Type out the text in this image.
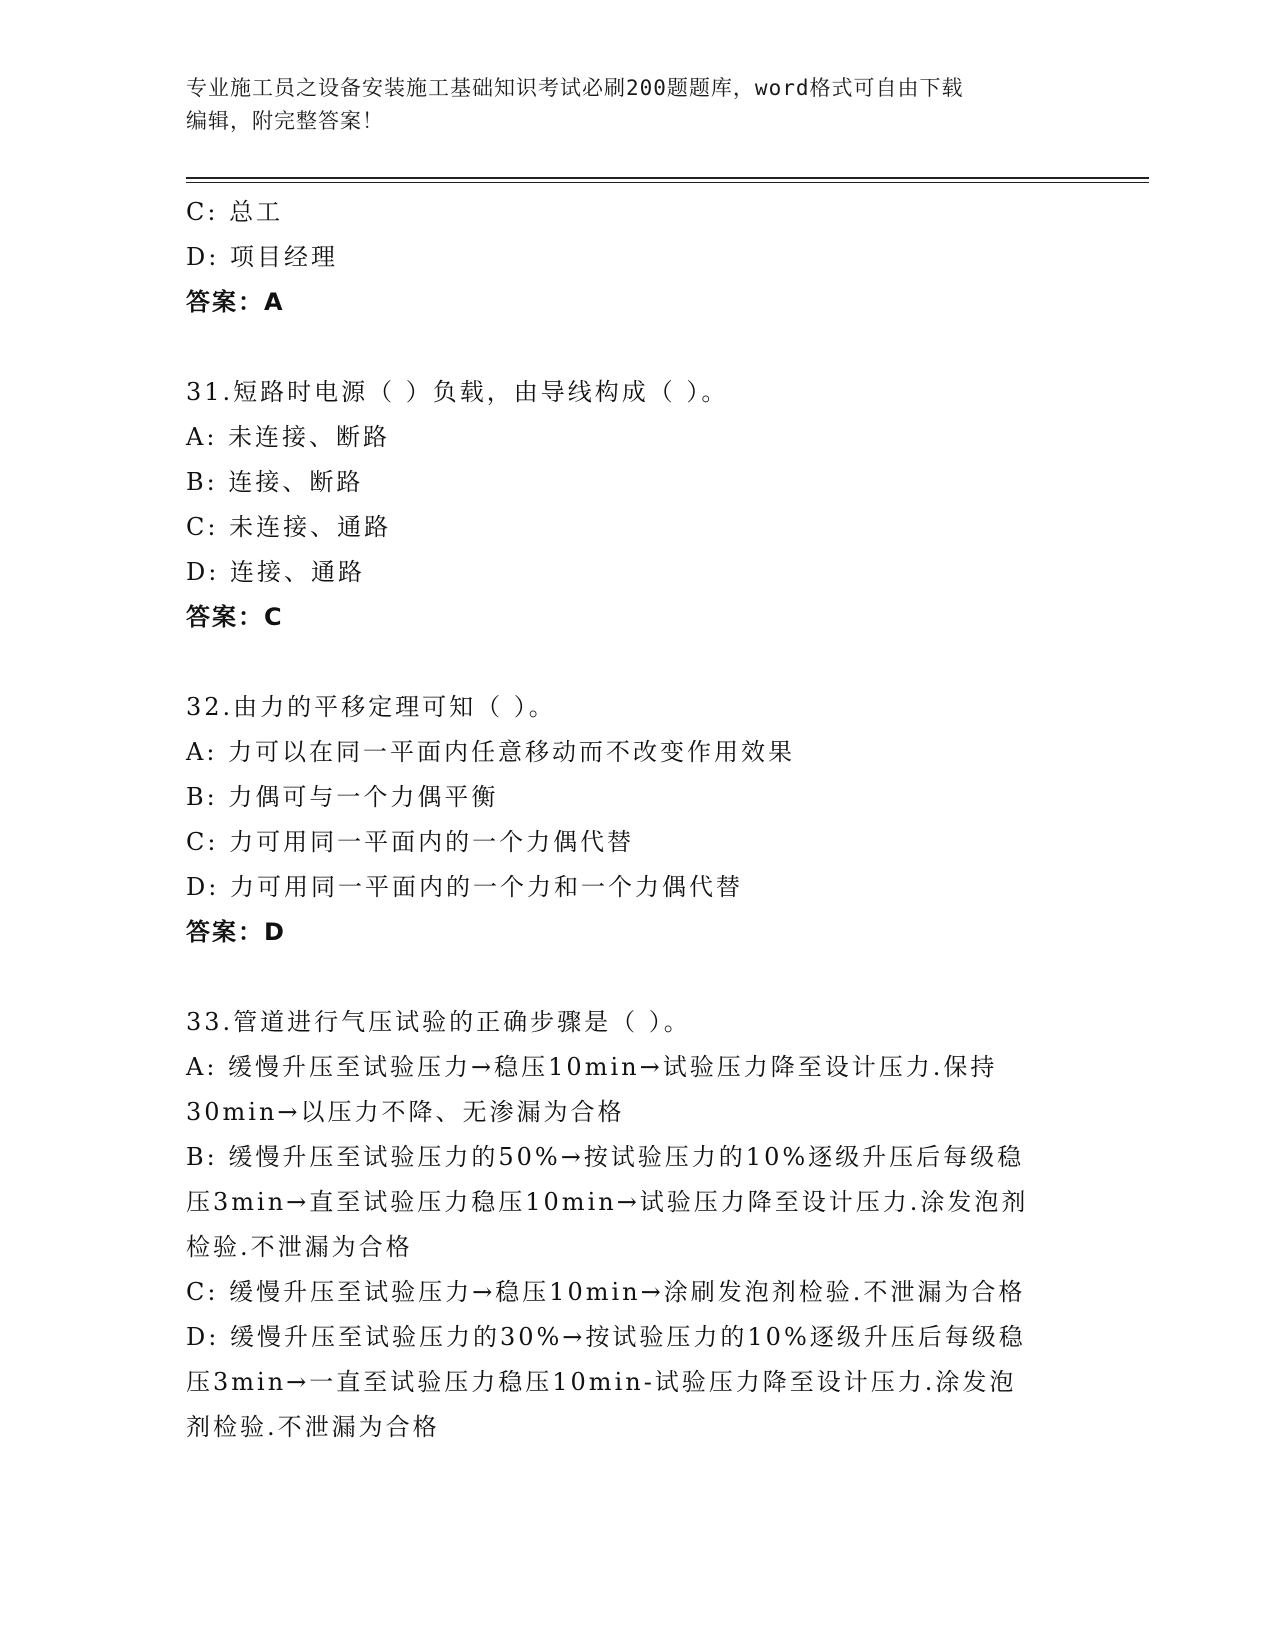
专业施工员之设备安装施工基础知识考试必刷200题题库，word格式可自由下载
编辑，附完整答案！
C: 总工
D: 项目经理
答案：A
31.短路时电源（ ）负载，由导线构成（ ）。
A: 未连接、断路
B: 连接、断路
C: 未连接、通路
D: 连接、通路
答案：C
32.由力的平移定理可知（ ）。
A: 力可以在同一平面内任意移动而不改变作用效果
B: 力偶可与一个力偶平衡
C: 力可用同一平面内的一个力偶代替
D: 力可用同一平面内的一个力和一个力偶代替
答案：D
33.管道进行气压试验的正确步骤是（ ）。
A: 缓慢升压至试验压力→稳压10min→试验压力降至设计压力.保持
30min→以压力不降、无渗漏为合格
B: 缓慢升压至试验压力的50%→按试验压力的10%逐级升压后每级稳
压3min→直至试验压力稳压10min→试验压力降至设计压力.涂发泡剂
检验.不泄漏为合格
C: 缓慢升压至试验压力→稳压10min→涂刷发泡剂检验.不泄漏为合格
D: 缓慢升压至试验压力的30%→按试验压力的10%逐级升压后每级稳
压3min→一直至试验压力稳压10min-试验压力降至设计压力.涂发泡
剂检验.不泄漏为合格
